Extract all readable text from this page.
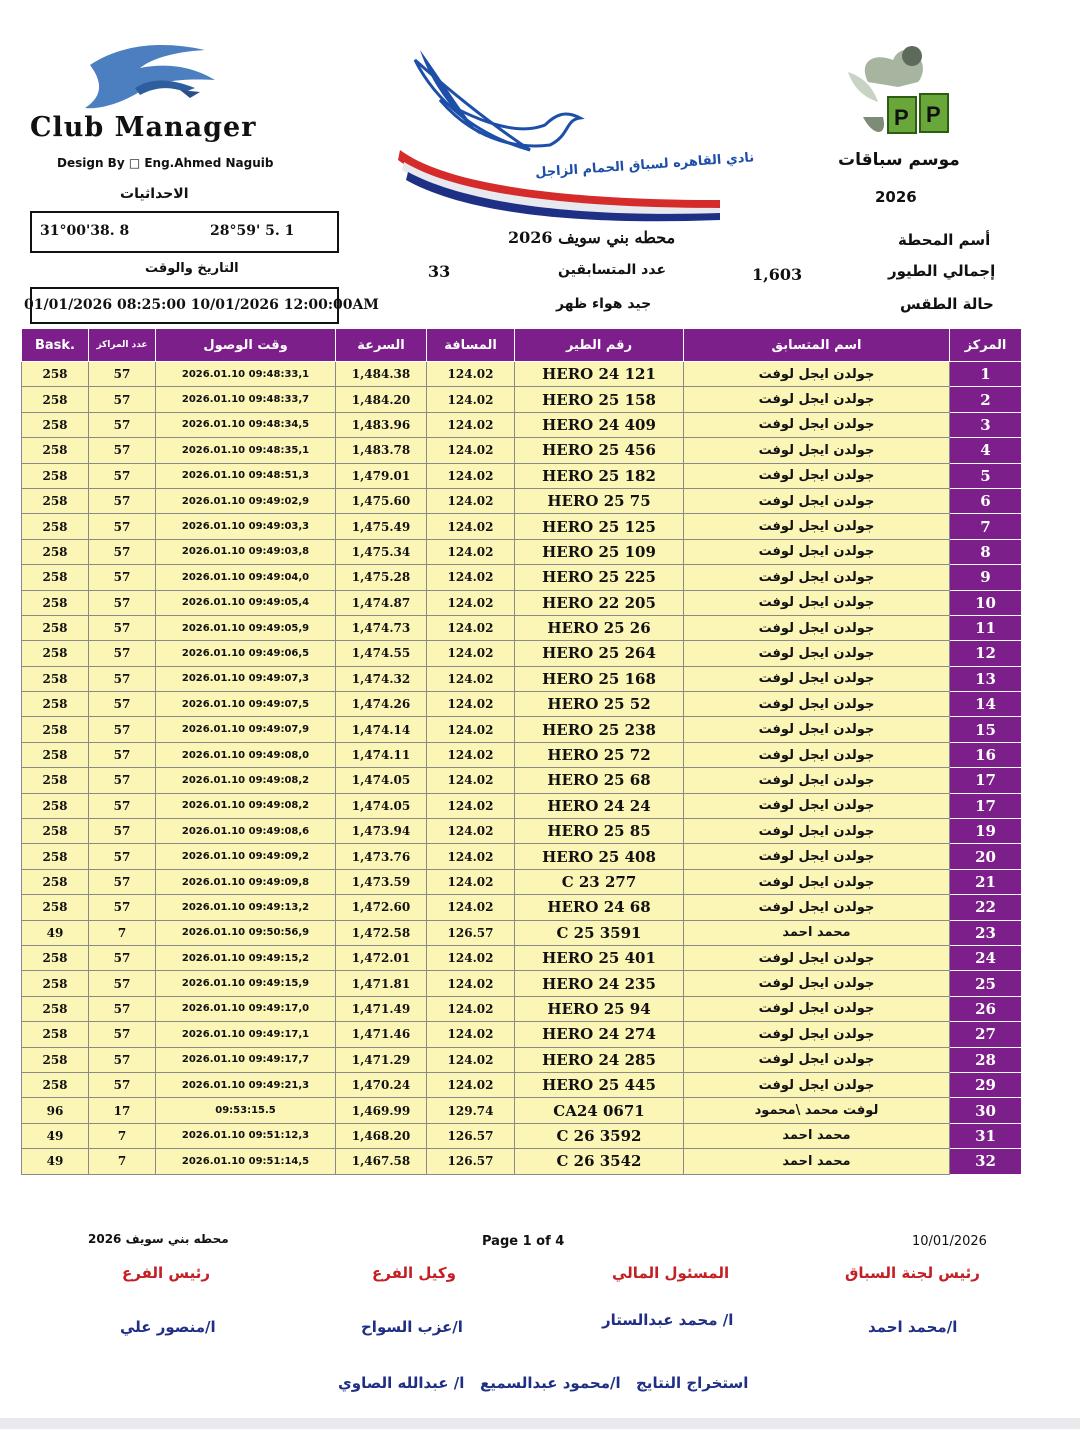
Club Manager
Design By □ Eng.Ahmed Naguib
الاحداثيات
31°00'38. 8	28°59' 5. 1
التاريخ والوقت
01/01/2026 08:25:00 10/01/2026 12:00:00AM
نادي القاهره لسباق الحمام الزاجل
P P
موسم سباقات
2026
محطه بني سويف 2026	أسم المحطة
33	عدد المتسابقين	1,603	إجمالي الطيور
جيد هواء ظهر	حالة الطقس
Bask.	عدد المراكز	وقت الوصول	السرعة	المسافة	رقم الطير	اسم المتسابق	المركز
258	57	2026.01.10 09:48:33,1	1,484.38	124.02	HERO 24 121	جولدن ايجل لوفت	1
258	57	2026.01.10 09:48:33,7	1,484.20	124.02	HERO 25 158	جولدن ايجل لوفت	2
258	57	2026.01.10 09:48:34,5	1,483.96	124.02	HERO 24 409	جولدن ايجل لوفت	3
258	57	2026.01.10 09:48:35,1	1,483.78	124.02	HERO 25 456	جولدن ايجل لوفت	4
258	57	2026.01.10 09:48:51,3	1,479.01	124.02	HERO 25 182	جولدن ايجل لوفت	5
258	57	2026.01.10 09:49:02,9	1,475.60	124.02	HERO 25 75	جولدن ايجل لوفت	6
258	57	2026.01.10 09:49:03,3	1,475.49	124.02	HERO 25 125	جولدن ايجل لوفت	7
258	57	2026.01.10 09:49:03,8	1,475.34	124.02	HERO 25 109	جولدن ايجل لوفت	8
258	57	2026.01.10 09:49:04,0	1,475.28	124.02	HERO 25 225	جولدن ايجل لوفت	9
258	57	2026.01.10 09:49:05,4	1,474.87	124.02	HERO 22 205	جولدن ايجل لوفت	10
258	57	2026.01.10 09:49:05,9	1,474.73	124.02	HERO 25 26	جولدن ايجل لوفت	11
258	57	2026.01.10 09:49:06,5	1,474.55	124.02	HERO 25 264	جولدن ايجل لوفت	12
258	57	2026.01.10 09:49:07,3	1,474.32	124.02	HERO 25 168	جولدن ايجل لوفت	13
258	57	2026.01.10 09:49:07,5	1,474.26	124.02	HERO 25 52	جولدن ايجل لوفت	14
258	57	2026.01.10 09:49:07,9	1,474.14	124.02	HERO 25 238	جولدن ايجل لوفت	15
258	57	2026.01.10 09:49:08,0	1,474.11	124.02	HERO 25 72	جولدن ايجل لوفت	16
258	57	2026.01.10 09:49:08,2	1,474.05	124.02	HERO 25 68	جولدن ايجل لوفت	17
258	57	2026.01.10 09:49:08,2	1,474.05	124.02	HERO 24 24	جولدن ايجل لوفت	17
258	57	2026.01.10 09:49:08,6	1,473.94	124.02	HERO 25 85	جولدن ايجل لوفت	19
258	57	2026.01.10 09:49:09,2	1,473.76	124.02	HERO 25 408	جولدن ايجل لوفت	20
258	57	2026.01.10 09:49:09,8	1,473.59	124.02	C 23 277	جولدن ايجل لوفت	21
258	57	2026.01.10 09:49:13,2	1,472.60	124.02	HERO 24 68	جولدن ايجل لوفت	22
49	7	2026.01.10 09:50:56,9	1,472.58	126.57	C 25 3591	محمد احمد	23
258	57	2026.01.10 09:49:15,2	1,472.01	124.02	HERO 25 401	جولدن ايجل لوفت	24
258	57	2026.01.10 09:49:15,9	1,471.81	124.02	HERO 24 235	جولدن ايجل لوفت	25
258	57	2026.01.10 09:49:17,0	1,471.49	124.02	HERO 25 94	جولدن ايجل لوفت	26
258	57	2026.01.10 09:49:17,1	1,471.46	124.02	HERO 24 274	جولدن ايجل لوفت	27
258	57	2026.01.10 09:49:17,7	1,471.29	124.02	HERO 24 285	جولدن ايجل لوفت	28
258	57	2026.01.10 09:49:21,3	1,470.24	124.02	HERO 25 445	جولدن ايجل لوفت	29
96	17	09:53:15.5	1,469.99	129.74	CA24 0671	لوفت محمد \محمود	30
49	7	2026.01.10 09:51:12,3	1,468.20	126.57	C 26 3592	محمد احمد	31
49	7	2026.01.10 09:51:14,5	1,467.58	126.57	C 26 3542	محمد احمد	32
محطه بني سويف 2026	Page 1 of 4	10/01/2026
رئيس لجنة السباق
المسئول المالي
وكيل الفرع
رئيس الفرع
ا/محمد احمد
ا/ محمد عبدالستار
ا/عزب السواح
ا/منصور علي
استخراج النتايج
ا/محمود عبدالسميع
ا/ عبدالله الصاوي
